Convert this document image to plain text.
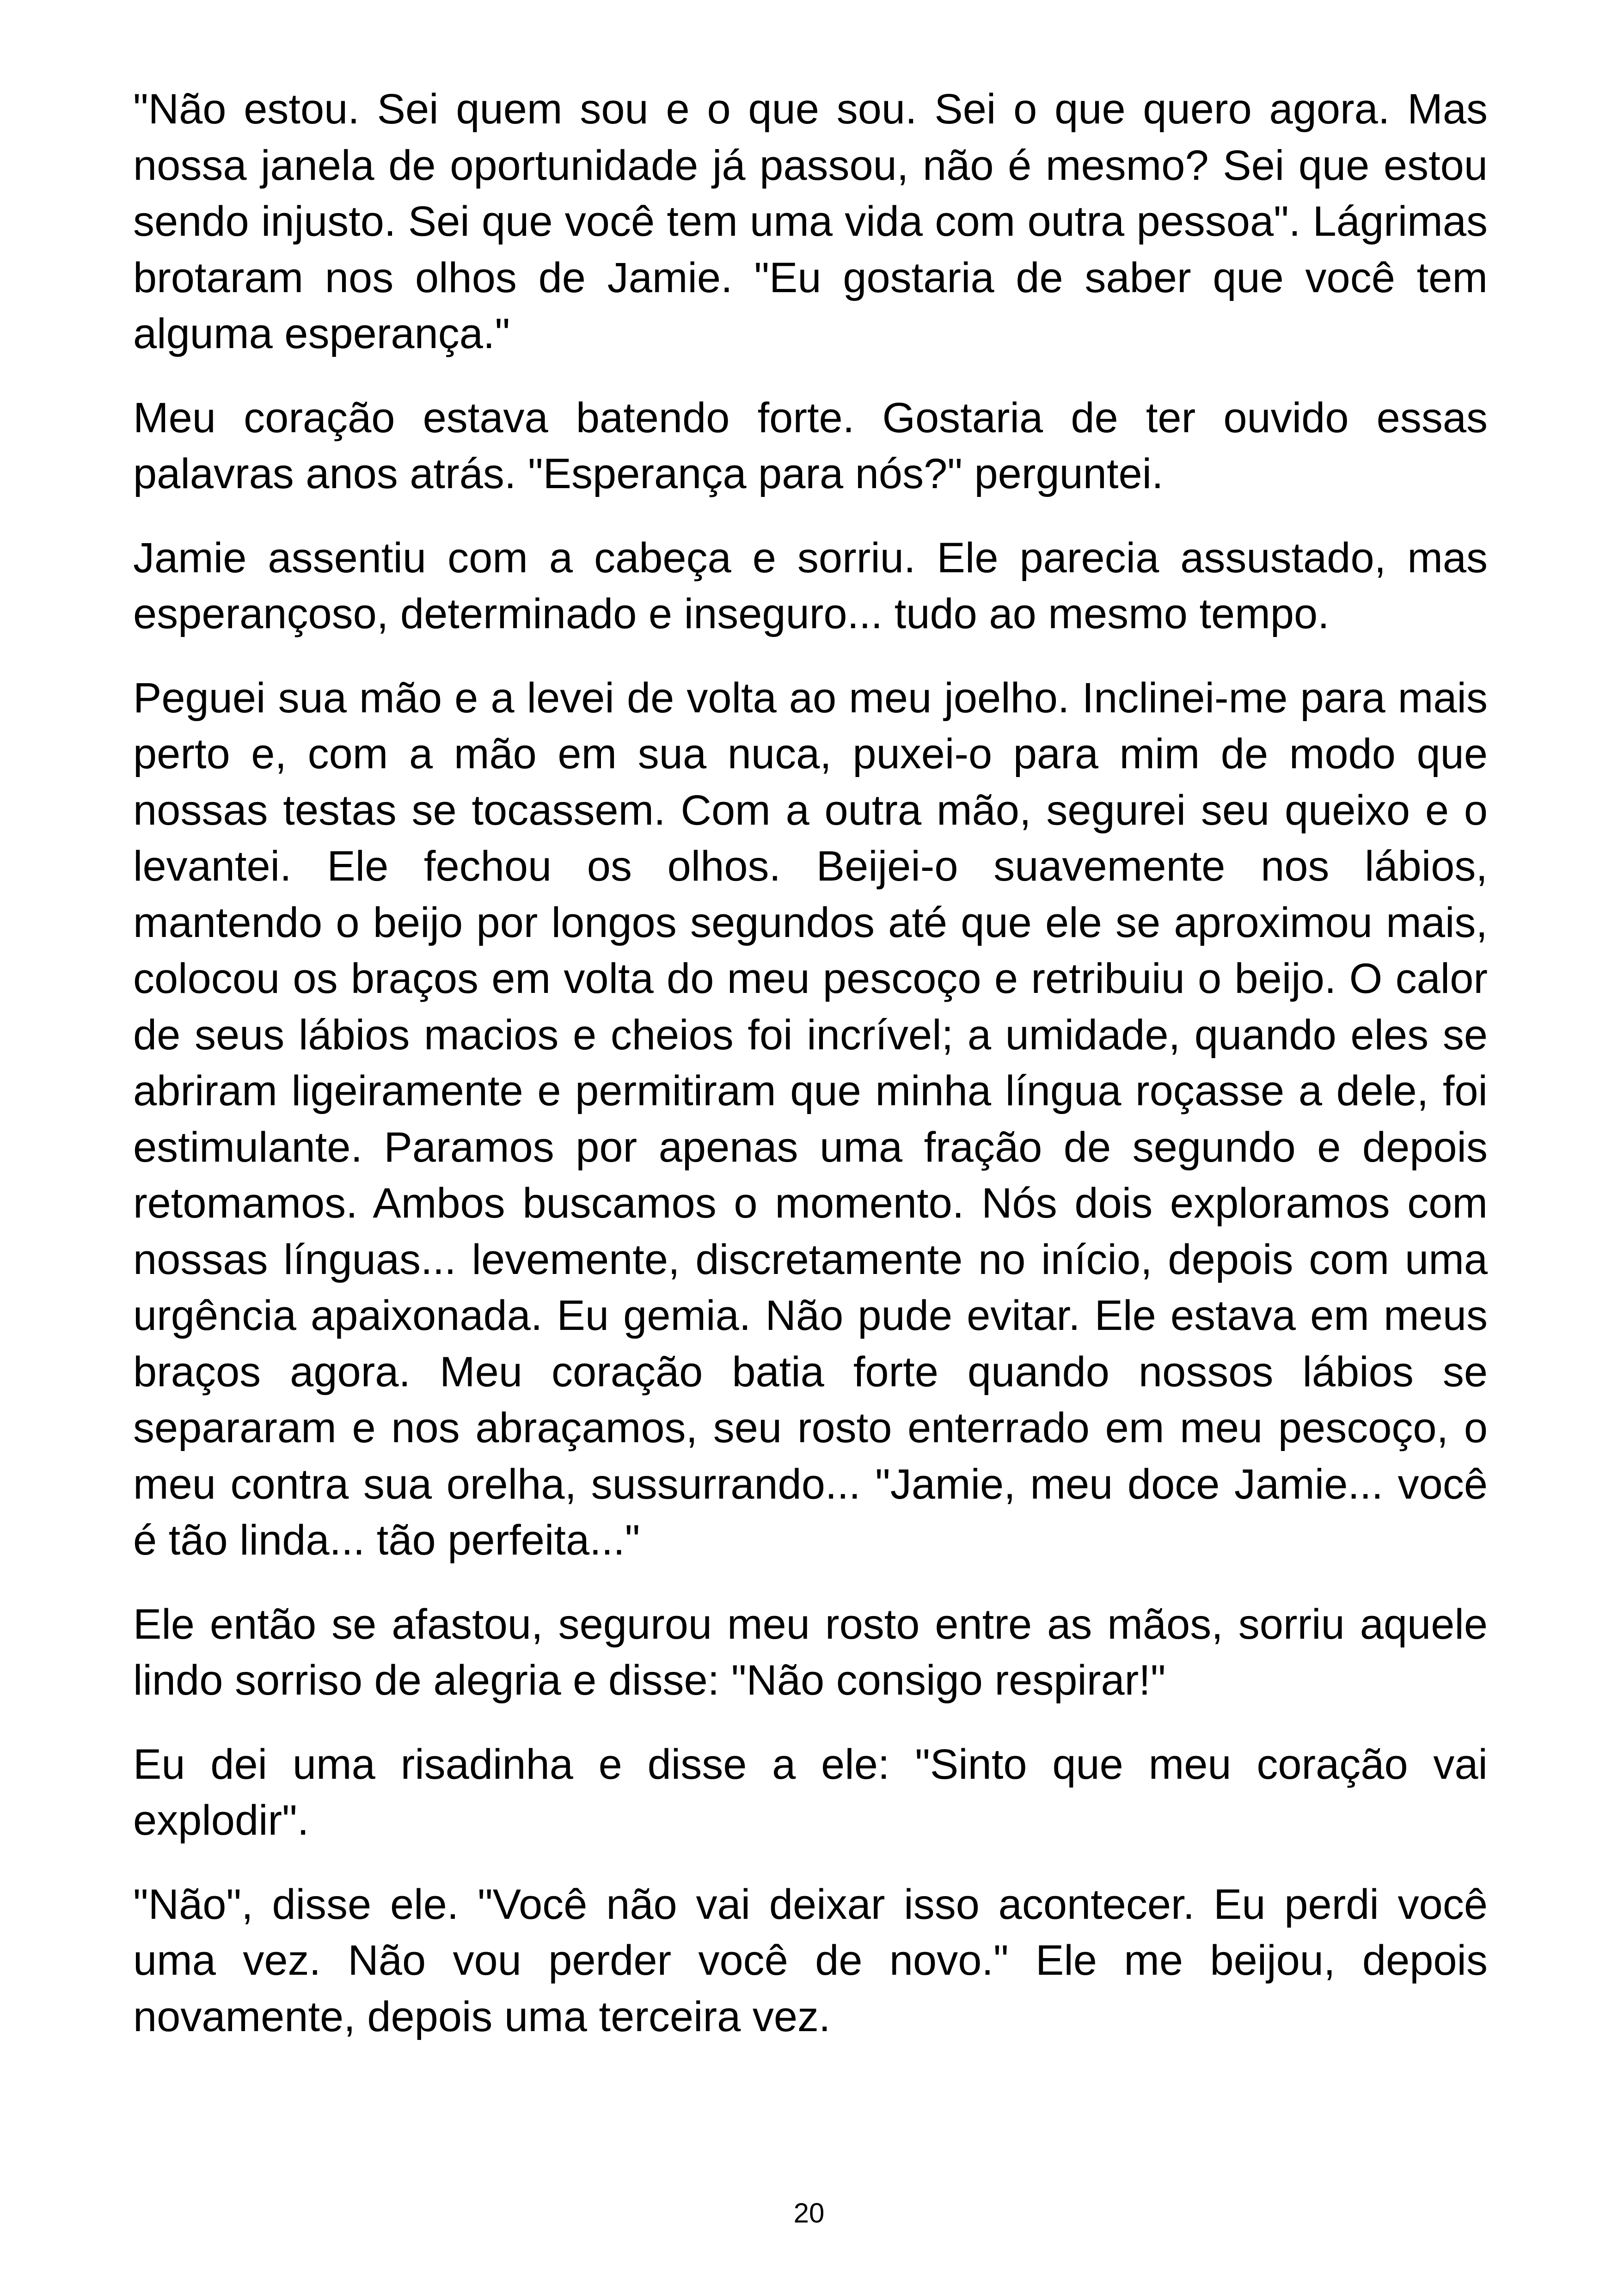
"Não estou. Sei quem sou e o que sou. Sei o que quero agora. Mas nossa janela de oportunidade já passou, não é mesmo? Sei que estou sendo injusto. Sei que você tem uma vida com outra pessoa". Lágrimas brotaram nos olhos de Jamie. "Eu gostaria de saber que você tem alguma esperança."

Meu coração estava batendo forte. Gostaria de ter ouvido essas palavras anos atrás. "Esperança para nós?" perguntei.

Jamie assentiu com a cabeça e sorriu. Ele parecia assustado, mas esperançoso, determinado e inseguro... tudo ao mesmo tempo.

Peguei sua mão e a levei de volta ao meu joelho. Inclinei-me para mais perto e, com a mão em sua nuca, puxei-o para mim de modo que nossas testas se tocassem. Com a outra mão, segurei seu queixo e o levantei. Ele fechou os olhos. Beijei-o suavemente nos lábios, mantendo o beijo por longos segundos até que ele se aproximou mais, colocou os braços em volta do meu pescoço e retribuiu o beijo. O calor de seus lábios macios e cheios foi incrível; a umidade, quando eles se abriram ligeiramente e permitiram que minha língua roçasse a dele, foi estimulante. Paramos por apenas uma fração de segundo e depois retomamos. Ambos buscamos o momento. Nós dois exploramos com nossas línguas... levemente, discretamente no início, depois com uma urgência apaixonada. Eu gemia. Não pude evitar. Ele estava em meus braços agora. Meu coração batia forte quando nossos lábios se separaram e nos abraçamos, seu rosto enterrado em meu pescoço, o meu contra sua orelha, sussurrando... "Jamie, meu doce Jamie... você é tão linda... tão perfeita..."

Ele então se afastou, segurou meu rosto entre as mãos, sorriu aquele lindo sorriso de alegria e disse: "Não consigo respirar!"

Eu dei uma risadinha e disse a ele: "Sinto que meu coração vai explodir".

"Não", disse ele. "Você não vai deixar isso acontecer. Eu perdi você uma vez. Não vou perder você de novo." Ele me beijou, depois novamente, depois uma terceira vez.

20
